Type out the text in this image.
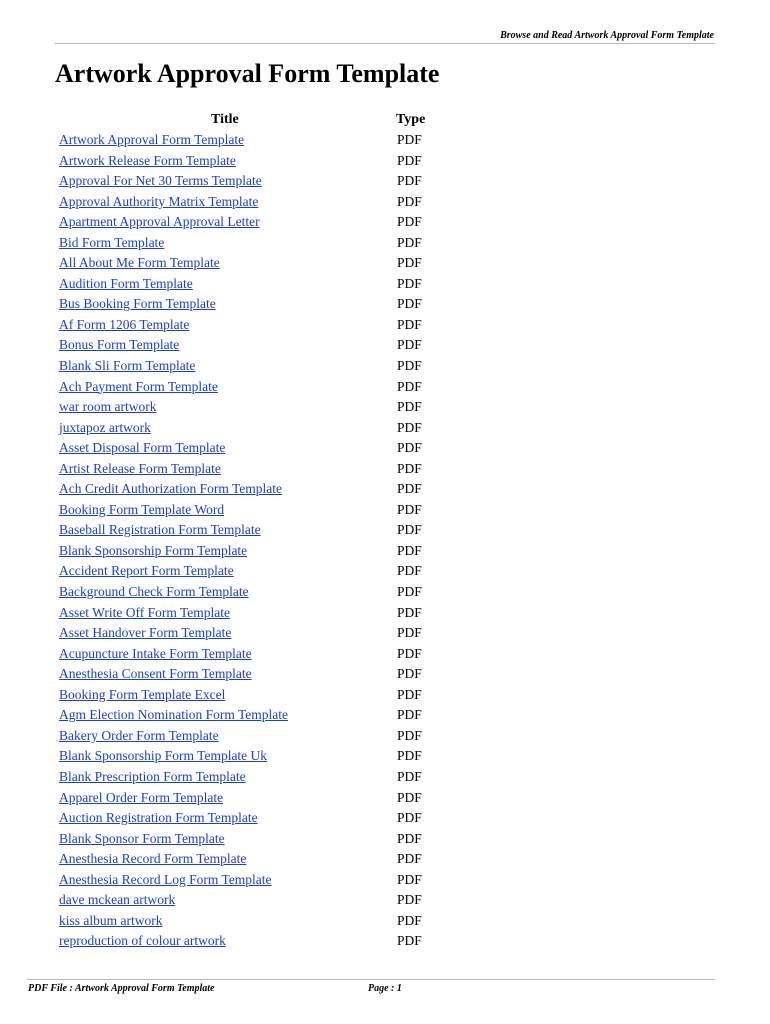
Browse and Read Artwork Approval Form Template
Artwork Approval Form Template
Title	Type
Artwork Approval Form Template	PDF
Artwork Release Form Template	PDF
Approval For Net 30 Terms Template	PDF
Approval Authority Matrix Template	PDF
Apartment Approval Approval Letter	PDF
Bid Form Template	PDF
All About Me Form Template	PDF
Audition Form Template	PDF
Bus Booking Form Template	PDF
Af Form 1206 Template	PDF
Bonus Form Template	PDF
Blank Sli Form Template	PDF
Ach Payment Form Template	PDF
war room artwork	PDF
juxtapoz artwork	PDF
Asset Disposal Form Template	PDF
Artist Release Form Template	PDF
Ach Credit Authorization Form Template	PDF
Booking Form Template Word	PDF
Baseball Registration Form Template	PDF
Blank Sponsorship Form Template	PDF
Accident Report Form Template	PDF
Background Check Form Template	PDF
Asset Write Off Form Template	PDF
Asset Handover Form Template	PDF
Acupuncture Intake Form Template	PDF
Anesthesia Consent Form Template	PDF
Booking Form Template Excel	PDF
Agm Election Nomination Form Template	PDF
Bakery Order Form Template	PDF
Blank Sponsorship Form Template Uk	PDF
Blank Prescription Form Template	PDF
Apparel Order Form Template	PDF
Auction Registration Form Template	PDF
Blank Sponsor Form Template	PDF
Anesthesia Record Form Template	PDF
Anesthesia Record Log Form Template	PDF
dave mckean artwork	PDF
kiss album artwork	PDF
reproduction of colour artwork	PDF
PDF File : Artwork Approval Form Template	Page : 1
